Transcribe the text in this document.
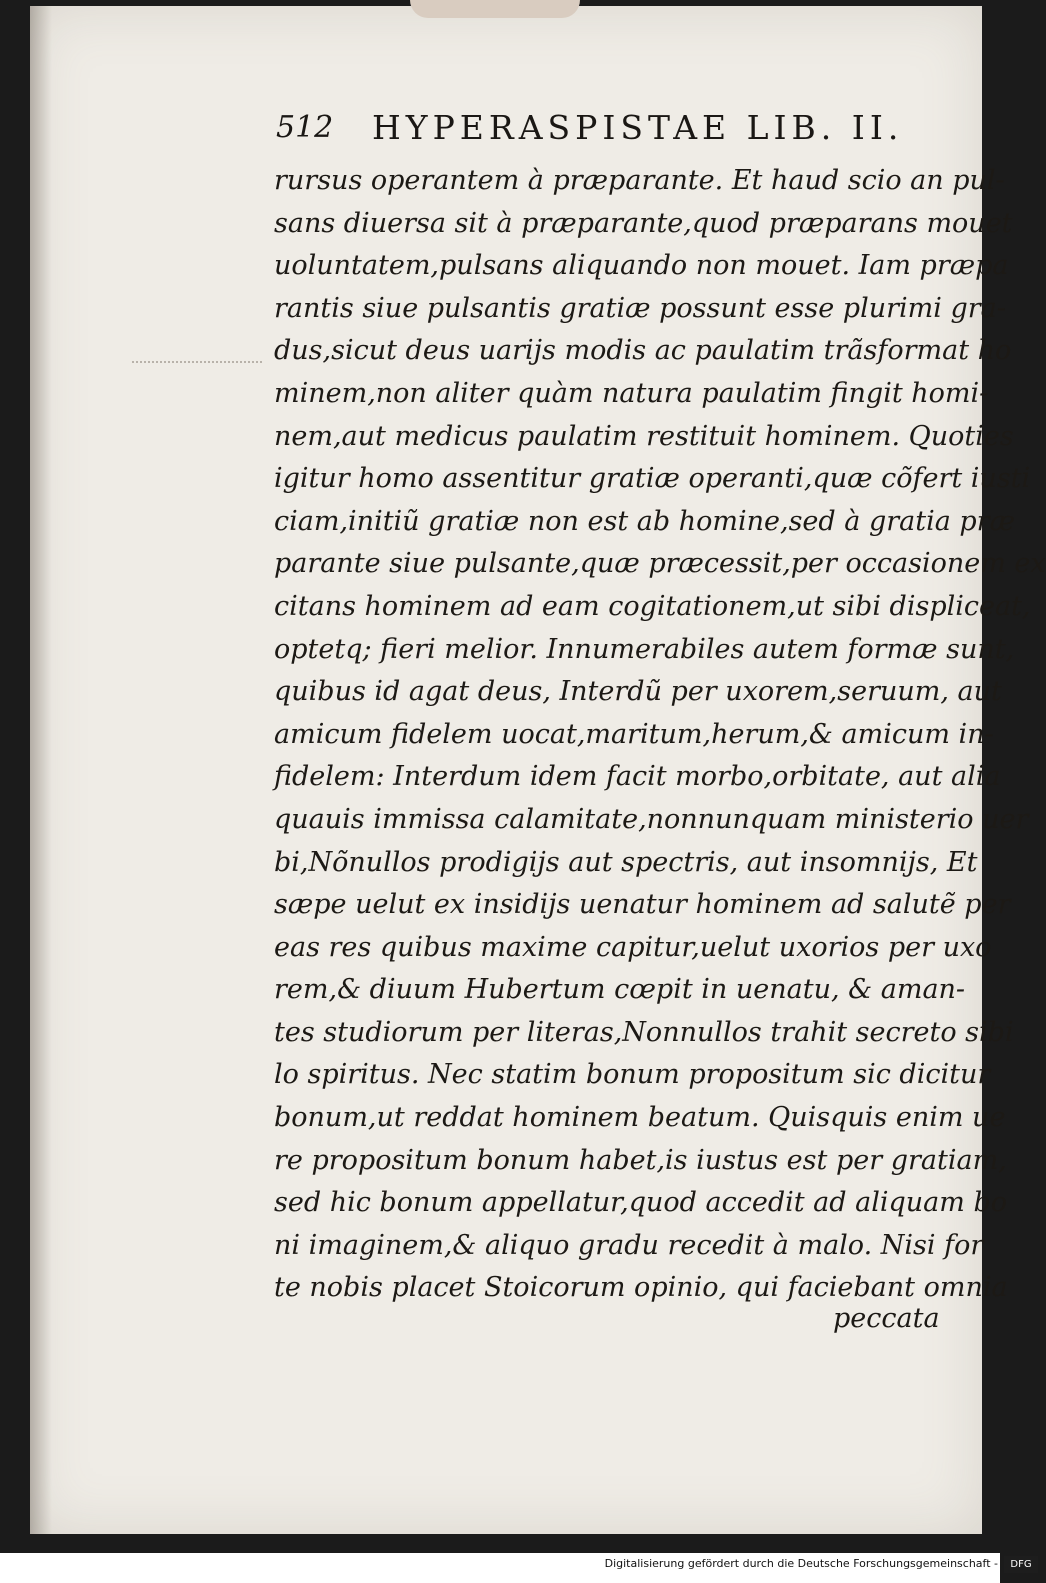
512 HYPERASPISTAE LIB. II.
rursus operantem à præparante. Et haud scio an pul-
sans diuersa sit à præparante,quod præparans mouet
uoluntatem,pulsans aliquando non mouet. Iam præpa
rantis siue pulsantis gratiæ possunt esse plurimi gra-
dus,sicut deus uarijs modis ac paulatim trãsformat ho
minem,non aliter quàm natura paulatim fingit homi-
nem,aut medicus paulatim restituit hominem. Quoties
igitur homo assentitur gratiæ operanti,quæ cõfert iusti
ciam,initiũ gratiæ non est ab homine,sed à gratia præ
parante siue pulsante,quæ præcessit,per occasionem ex
citans hominem ad eam cogitationem,ut sibi displiceat,
optetq; fieri melior. Innumerabiles autem formæ sunt,
quibus id agat deus, Interdũ per uxorem,seruum, aut
amicum fidelem uocat,maritum,herum,& amicum in-
fidelem: Interdum idem facit morbo,orbitate, aut alia
quauis immissa calamitate,nonnunquam ministerio uer
bi,Nõnullos prodigijs aut spectris, aut insomnijs, Et
sæpe uelut ex insidijs uenatur hominem ad salutẽ per
eas res quibus maxime capitur,uelut uxorios per uxo
rem,& diuum Hubertum cœpit in uenatu, & aman-
tes studiorum per literas,Nonnullos trahit secreto sibi
lo spiritus. Nec statim bonum propositum sic dicitur
bonum,ut reddat hominem beatum. Quisquis enim ue
re propositum bonum habet,is iustus est per gratiam,
sed hic bonum appellatur,quod accedit ad aliquam bo
ni imaginem,& aliquo gradu recedit à malo. Nisi for
te nobis placet Stoicorum opinio, qui faciebant omnia
peccata
Digitalisierung gefördert durch die Deutsche Forschungsgemeinschaft -	DFG
